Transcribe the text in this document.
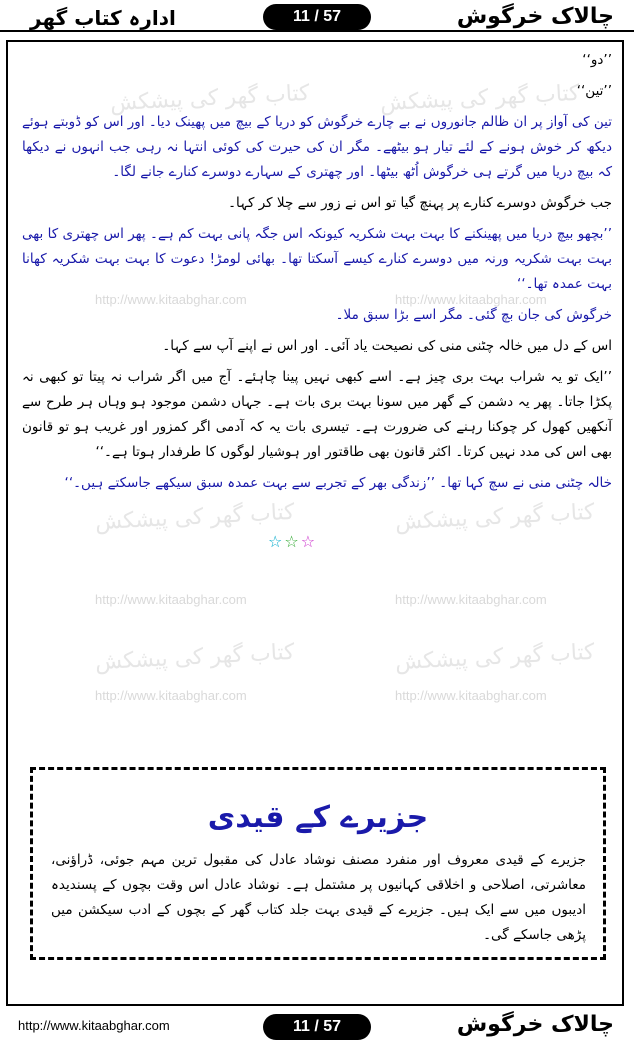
چالاک خرگوش
11 / 57
ادارہ کتاب گھر
کتاب گھر کی پیشکش	کتاب گھر کی پیشکش
http://www.kitaabghar.com	http://www.kitaabghar.com
کتاب گھر کی پیشکش	کتاب گھر کی پیشکش
http://www.kitaabghar.com	http://www.kitaabghar.com
کتاب گھر کی پیشکش	کتاب گھر کی پیشکش
http://www.kitaabghar.com	http://www.kitaabghar.com

’’دو‘‘

’’تین‘‘

تین کی آواز پر ان ظالم جانوروں نے بے چارے خرگوش کو دریا کے بیچ میں پھینک دیا۔ اور اس کو ڈوبتے ہوئے دیکھ کر خوش ہونے کے لئے تیار ہو بیٹھے۔ مگر ان کی حیرت کی کوئی انتہا نہ رہی جب انہوں نے دیکھا کہ بیچ دریا میں گرتے ہی خرگوش اُٹھ بیٹھا۔ اور چھتری کے سہارے دوسرے کنارے جانے لگا۔

جب خرگوش دوسرے کنارے پر پہنچ گیا تو اس نے زور سے چلا کر کہا۔

’’بچھو بیچ دریا میں پھینکنے کا بہت بہت شکریہ کیونکہ اس جگہ پانی بہت کم ہے۔ پھر اس چھتری کا بھی بہت بہت شکریہ ورنہ میں دوسرے کنارے کیسے آسکتا تھا۔ بھائی لومڑ! دعوت کا بہت بہت شکریہ کھانا بہت عمدہ تھا۔‘‘

خرگوش کی جان بچ گئی۔ مگر اسے بڑا سبق ملا۔

اس کے دل میں خالہ چٹنی منی کی نصیحت یاد آئی۔ اور اس نے اپنے آپ سے کہا۔

’’ایک تو یہ شراب بہت بری چیز ہے۔ اسے کبھی نہیں پینا چاہئے۔ آج میں اگر شراب نہ پیتا تو کبھی نہ پکڑا جاتا۔ پھر یہ دشمن کے گھر میں سونا بہت بری بات ہے۔ جہاں دشمن موجود ہو وہاں ہر طرح سے آنکھیں کھول کر چوکنا رہنے کی ضرورت ہے۔ تیسری بات یہ کہ آدمی اگر کمزور اور غریب ہو تو قانون بھی اس کی مدد نہیں کرتا۔ اکثر قانون بھی طاقتور اور ہوشیار لوگوں کا طرفدار ہوتا ہے۔‘‘

خالہ چٹنی منی نے سچ کہا تھا۔ ’’زندگی بھر کے تجربے سے بہت عمدہ سبق سیکھے جاسکتے ہیں۔‘‘

☆☆☆
جزیرے کے قیدی
جزیرے کے قیدی معروف اور منفرد مصنف نوشاد عادل کی مقبول ترین مہم جوئی، ڈراؤنی، معاشرتی، اصلاحی و اخلاقی کہانیوں پر مشتمل ہے۔ نوشاد عادل اس وقت بچوں کے پسندیدہ ادیبوں میں سے ایک ہیں۔ جزیرے کے قیدی بہت جلد کتاب گھر کے بچوں کے ادب سیکشن میں پڑھی جاسکے گی۔
http://www.kitaabghar.com	11 / 57	چالاک خرگوش
